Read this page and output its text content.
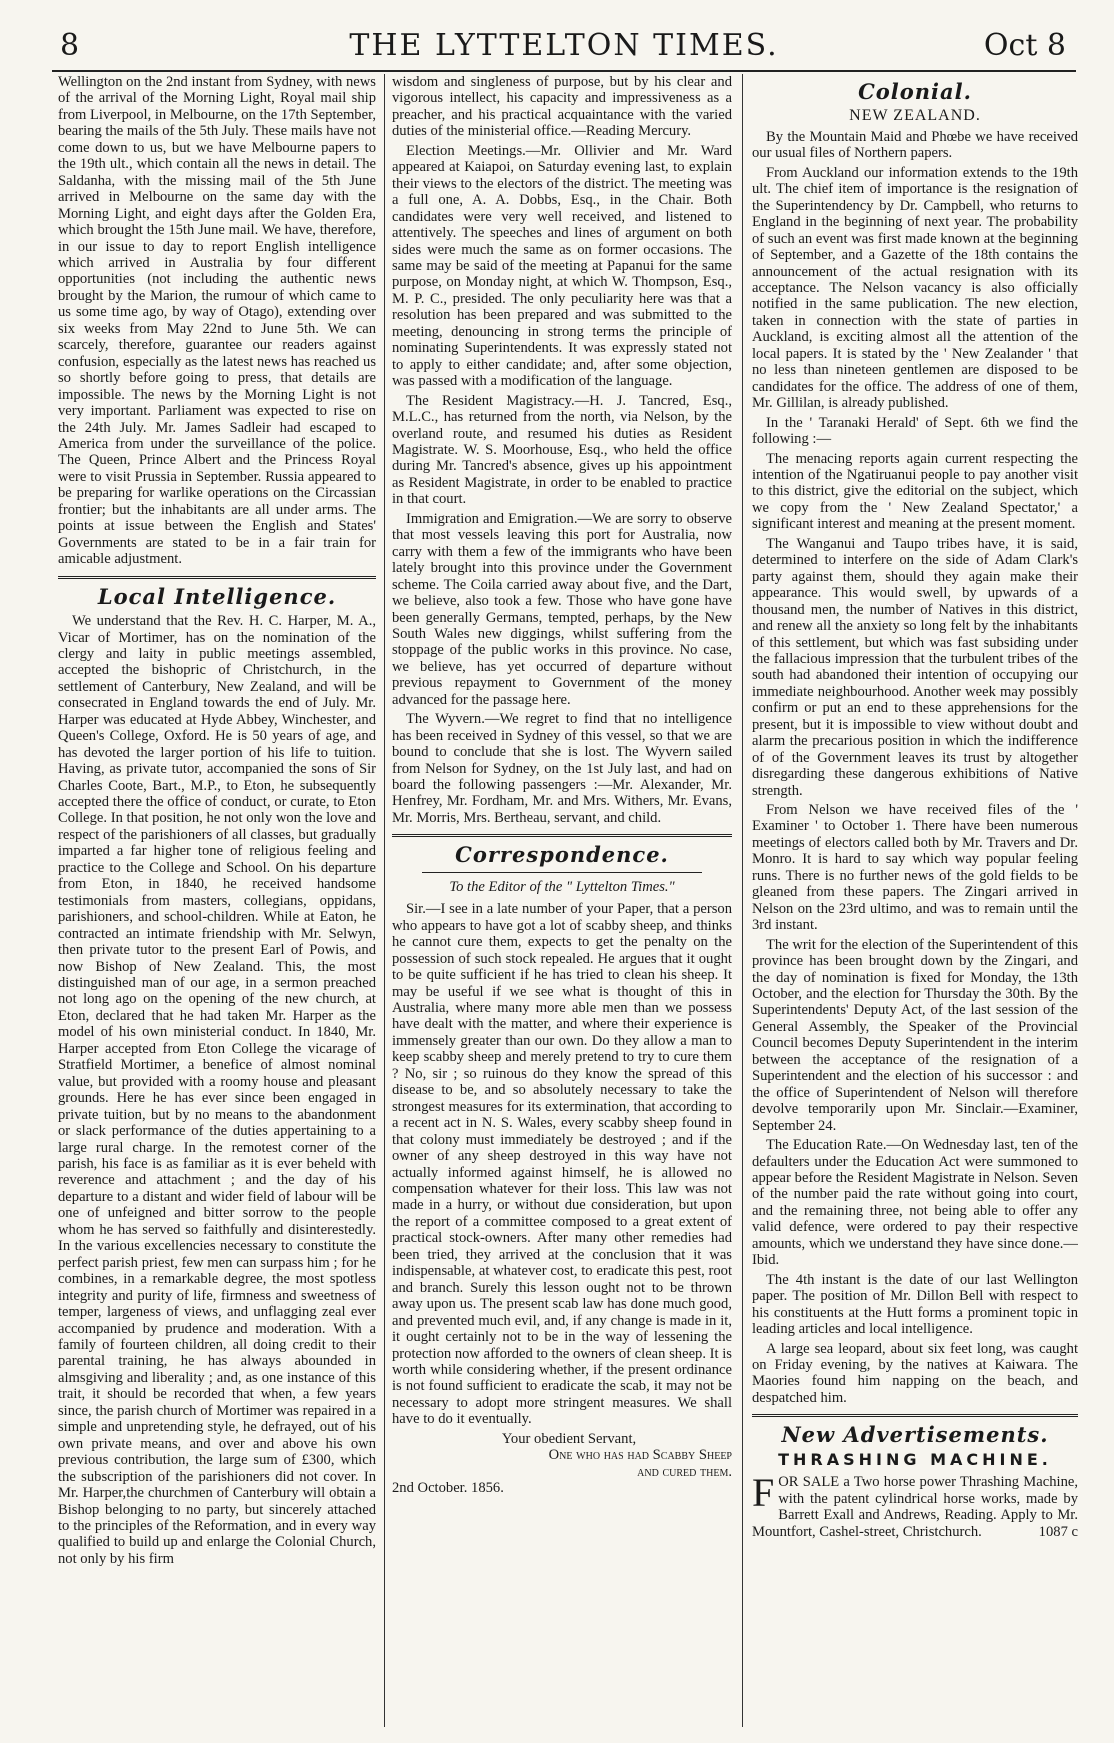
8	THE LYTTELTON TIMES.	Oct 8

Wellington on the 2nd instant from Sydney, with news of the arrival of the Morning Light, Royal mail ship from Liverpool, in Melbourne, on the 17th September, bearing the mails of the 5th July. These mails have not come down to us, but we have Melbourne papers to the 19th ult., which contain all the news in detail. The Saldanha, with the missing mail of the 5th June arrived in Melbourne on the same day with the Morning Light, and eight days after the Golden Era, which brought the 15th June mail. We have, therefore, in our issue to day to report English intelligence which arrived in Australia by four different opportunities (not including the authentic news brought by the Marion, the rumour of which came to us some time ago, by way of Otago), extending over six weeks from May 22nd to June 5th. We can scarcely, therefore, guarantee our readers against confusion, especially as the latest news has reached us so shortly before going to press, that details are impossible. The news by the Morning Light is not very important. Parliament was expected to rise on the 24th July. Mr. James Sadleir had escaped to America from under the surveillance of the police. The Queen, Prince Albert and the Princess Royal were to visit Prussia in September. Russia appeared to be preparing for warlike operations on the Circassian frontier; but the inhabitants are all under arms. The points at issue between the English and States' Governments are stated to be in a fair train for amicable adjustment.

Local Intelligence.

We understand that the Rev. H. C. Harper, M. A., Vicar of Mortimer, has on the nomination of the clergy and laity in public meetings assembled, accepted the bishopric of Christchurch, in the settlement of Canterbury, New Zealand, and will be consecrated in England towards the end of July. Mr. Harper was educated at Hyde Abbey, Winchester, and Queen's College, Oxford. He is 50 years of age, and has devoted the larger portion of his life to tuition. Having, as private tutor, accompanied the sons of Sir Charles Coote, Bart., M.P., to Eton, he subsequently accepted there the office of conduct, or curate, to Eton College. In that position, he not only won the love and respect of the parishioners of all classes, but gradually imparted a far higher tone of religious feeling and practice to the College and School. On his departure from Eton, in 1840, he received handsome testimonials from masters, collegians, oppidans, parishioners, and school-children. While at Eaton, he contracted an intimate friendship with Mr. Selwyn, then private tutor to the present Earl of Powis, and now Bishop of New Zealand. This, the most distinguished man of our age, in a sermon preached not long ago on the opening of the new church, at Eton, declared that he had taken Mr. Harper as the model of his own ministerial conduct. In 1840, Mr. Harper accepted from Eton College the vicarage of Stratfield Mortimer, a benefice of almost nominal value, but provided with a roomy house and pleasant grounds. Here he has ever since been engaged in private tuition, but by no means to the abandonment or slack performance of the duties appertaining to a large rural charge. In the remotest corner of the parish, his face is as familiar as it is ever beheld with reverence and attachment ; and the day of his departure to a distant and wider field of labour will be one of unfeigned and bitter sorrow to the people whom he has served so faithfully and disinterestedly. In the various excellencies necessary to constitute the perfect parish priest, few men can surpass him ; for he combines, in a remarkable degree, the most spotless integrity and purity of life, firmness and sweetness of temper, largeness of views, and unflagging zeal ever accompanied by prudence and moderation. With a family of fourteen children, all doing credit to their parental training, he has always abounded in almsgiving and liberality ; and, as one instance of this trait, it should be recorded that when, a few years since, the parish church of Mortimer was repaired in a simple and unpretending style, he defrayed, out of his own private means, and over and above his own previous contribution, the large sum of £300, which the subscription of the parishioners did not cover. In Mr. Harper,the churchmen of Canterbury will obtain a Bishop belonging to no party, but sincerely attached to the principles of the Reformation, and in every way qualified to build up and enlarge the Colonial Church, not only by his firm

wisdom and singleness of purpose, but by his clear and vigorous intellect, his capacity and impressiveness as a preacher, and his practical acquaintance with the varied duties of the ministerial office.—Reading Mercury.

Election Meetings.—Mr. Ollivier and Mr. Ward appeared at Kaiapoi, on Saturday evening last, to explain their views to the electors of the district. The meeting was a full one, A. A. Dobbs, Esq., in the Chair. Both candidates were very well received, and listened to attentively. The speeches and lines of argument on both sides were much the same as on former occasions. The same may be said of the meeting at Papanui for the same purpose, on Monday night, at which W. Thompson, Esq., M. P. C., presided. The only peculiarity here was that a resolution has been prepared and was submitted to the meeting, denouncing in strong terms the principle of nominating Superintendents. It was expressly stated not to apply to either candidate; and, after some objection, was passed with a modification of the language.

The Resident Magistracy.—H. J. Tancred, Esq., M.L.C., has returned from the north, via Nelson, by the overland route, and resumed his duties as Resident Magistrate. W. S. Moorhouse, Esq., who held the office during Mr. Tancred's absence, gives up his appointment as Resident Magistrate, in order to be enabled to practice in that court.

Immigration and Emigration.—We are sorry to observe that most vessels leaving this port for Australia, now carry with them a few of the immigrants who have been lately brought into this province under the Government scheme. The Coila carried away about five, and the Dart, we believe, also took a few. Those who have gone have been generally Germans, tempted, perhaps, by the New South Wales new diggings, whilst suffering from the stoppage of the public works in this province. No case, we believe, has yet occurred of departure without previous repayment to Government of the money advanced for the passage here.

The Wyvern.—We regret to find that no intelligence has been received in Sydney of this vessel, so that we are bound to conclude that she is lost. The Wyvern sailed from Nelson for Sydney, on the 1st July last, and had on board the following passengers :—Mr. Alexander, Mr. Henfrey, Mr. Fordham, Mr. and Mrs. Withers, Mr. Evans, Mr. Morris, Mrs. Bertheau, servant, and child.

Correspondence.
To the Editor of the " Lyttelton Times."

Sir.—I see in a late number of your Paper, that a person who appears to have got a lot of scabby sheep, and thinks he cannot cure them, expects to get the penalty on the possession of such stock repealed. He argues that it ought to be quite sufficient if he has tried to clean his sheep. It may be useful if we see what is thought of this in Australia, where many more able men than we possess have dealt with the matter, and where their experience is immensely greater than our own. Do they allow a man to keep scabby sheep and merely pretend to try to cure them ? No, sir ; so ruinous do they know the spread of this disease to be, and so absolutely necessary to take the strongest measures for its extermination, that according to a recent act in N. S. Wales, every scabby sheep found in that colony must immediately be destroyed ; and if the owner of any sheep destroyed in this way have not actually informed against himself, he is allowed no compensation whatever for their loss. This law was not made in a hurry, or without due consideration, but upon the report of a committee composed to a great extent of practical stock-owners. After many other remedies had been tried, they arrived at the conclusion that it was indispensable, at whatever cost, to eradicate this pest, root and branch. Surely this lesson ought not to be thrown away upon us. The present scab law has done much good, and prevented much evil, and, if any change is made in it, it ought certainly not to be in the way of lessening the protection now afforded to the owners of clean sheep. It is worth while considering whether, if the present ordinance is not found sufficient to eradicate the scab, it may not be necessary to adopt more stringent measures. We shall have to do it eventually.

Your obedient Servant,

One who has had Scabby Sheep

and cured them.

2nd October. 1856.

Colonial.
NEW ZEALAND.

By the Mountain Maid and Phœbe we have received our usual files of Northern papers.

From Auckland our information extends to the 19th ult. The chief item of importance is the resignation of the Superintendency by Dr. Campbell, who returns to England in the beginning of next year. The probability of such an event was first made known at the beginning of September, and a Gazette of the 18th contains the announcement of the actual resignation with its acceptance. The Nelson vacancy is also officially notified in the same publication. The new election, taken in connection with the state of parties in Auckland, is exciting almost all the attention of the local papers. It is stated by the ' New Zealander ' that no less than nineteen gentlemen are disposed to be candidates for the office. The address of one of them, Mr. Gillilan, is already published.

In the ' Taranaki Herald' of Sept. 6th we find the following :—

The menacing reports again current respecting the intention of the Ngatiruanui people to pay another visit to this district, give the editorial on the subject, which we copy from the ' New Zealand Spectator,' a significant interest and meaning at the present moment.

The Wanganui and Taupo tribes have, it is said, determined to interfere on the side of Adam Clark's party against them, should they again make their appearance. This would swell, by upwards of a thousand men, the number of Natives in this district, and renew all the anxiety so long felt by the inhabitants of this settlement, but which was fast subsiding under the fallacious impression that the turbulent tribes of the south had abandoned their intention of occupying our immediate neighbourhood. Another week may possibly confirm or put an end to these apprehensions for the present, but it is impossible to view without doubt and alarm the precarious position in which the indifference of of the Government leaves its trust by altogether disregarding these dangerous exhibitions of Native strength.

From Nelson we have received files of the ' Examiner ' to October 1. There have been numerous meetings of electors called both by Mr. Travers and Dr. Monro. It is hard to say which way popular feeling runs. There is no further news of the gold fields to be gleaned from these papers. The Zingari arrived in Nelson on the 23rd ultimo, and was to remain until the 3rd instant.

The writ for the election of the Superintendent of this province has been brought down by the Zingari, and the day of nomination is fixed for Monday, the 13th October, and the election for Thursday the 30th. By the Superintendents' Deputy Act, of the last session of the General Assembly, the Speaker of the Provincial Council becomes Deputy Superintendent in the interim between the acceptance of the resignation of a Superintendent and the election of his successor : and the office of Superintendent of Nelson will therefore devolve temporarily upon Mr. Sinclair.—Examiner, September 24.

The Education Rate.—On Wednesday last, ten of the defaulters under the Education Act were summoned to appear before the Resident Magistrate in Nelson. Seven of the number paid the rate without going into court, and the remaining three, not being able to offer any valid defence, were ordered to pay their respective amounts, which we understand they have since done.—Ibid.

The 4th instant is the date of our last Wellington paper. The position of Mr. Dillon Bell with respect to his constituents at the Hutt forms a prominent topic in leading articles and local intelligence.

A large sea leopard, about six feet long, was caught on Friday evening, by the natives at Kaiwara. The Maories found him napping on the beach, and despatched him.

New Advertisements.
THRASHING MACHINE.

FOR SALE a Two horse power Thrashing Machine, with the patent cylindrical horse works, made by Barrett Exall and Andrews, Reading. Apply to Mr. Mountfort, Cashel-street, Christchurch.	1087 c
